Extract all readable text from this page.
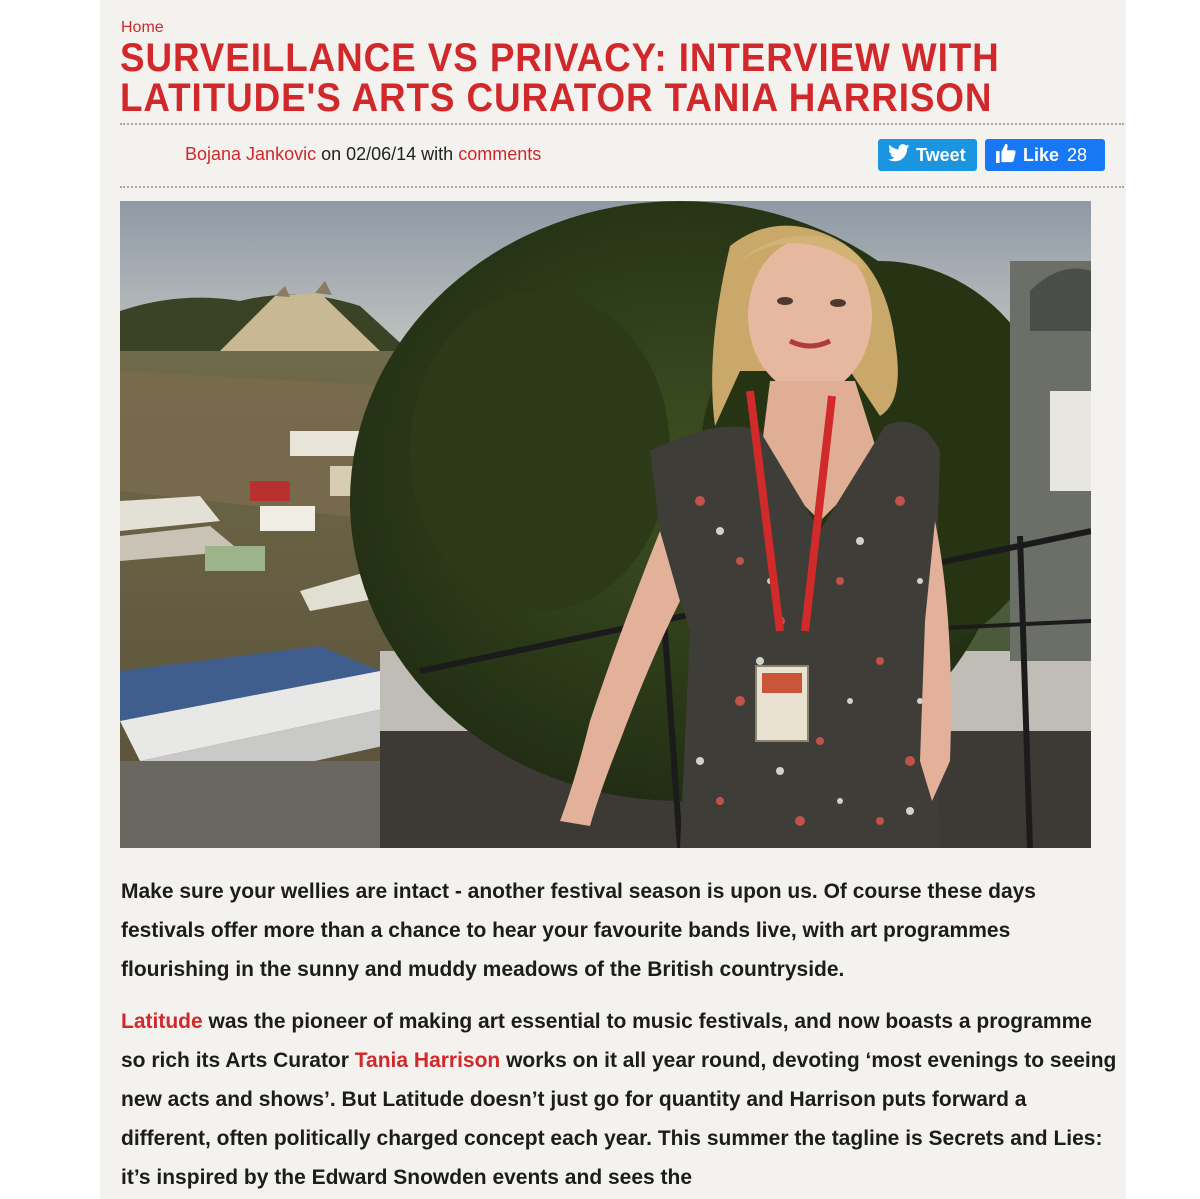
Home
SURVEILLANCE VS PRIVACY: INTERVIEW WITH
LATITUDE'S ARTS CURATOR TANIA HARRISON
Bojana Jankovic on 02/06/14 with comments	Tweet	Like 28

Make sure your wellies are intact - another festival season is upon us. Of course these days festivals offer more than a chance to hear your favourite bands live, with art programmes flourishing in the sunny and muddy meadows of the British countryside.

Latitude was the pioneer of making art essential to music festivals, and now boasts a programme so rich its Arts Curator Tania Harrison works on it all year round, devoting ‘most evenings to seeing new acts and shows’. But Latitude doesn’t just go for quantity and Harrison puts forward a different, often politically charged concept each year. This summer the tagline is Secrets and Lies: it’s inspired by the Edward Snowden events and sees the
